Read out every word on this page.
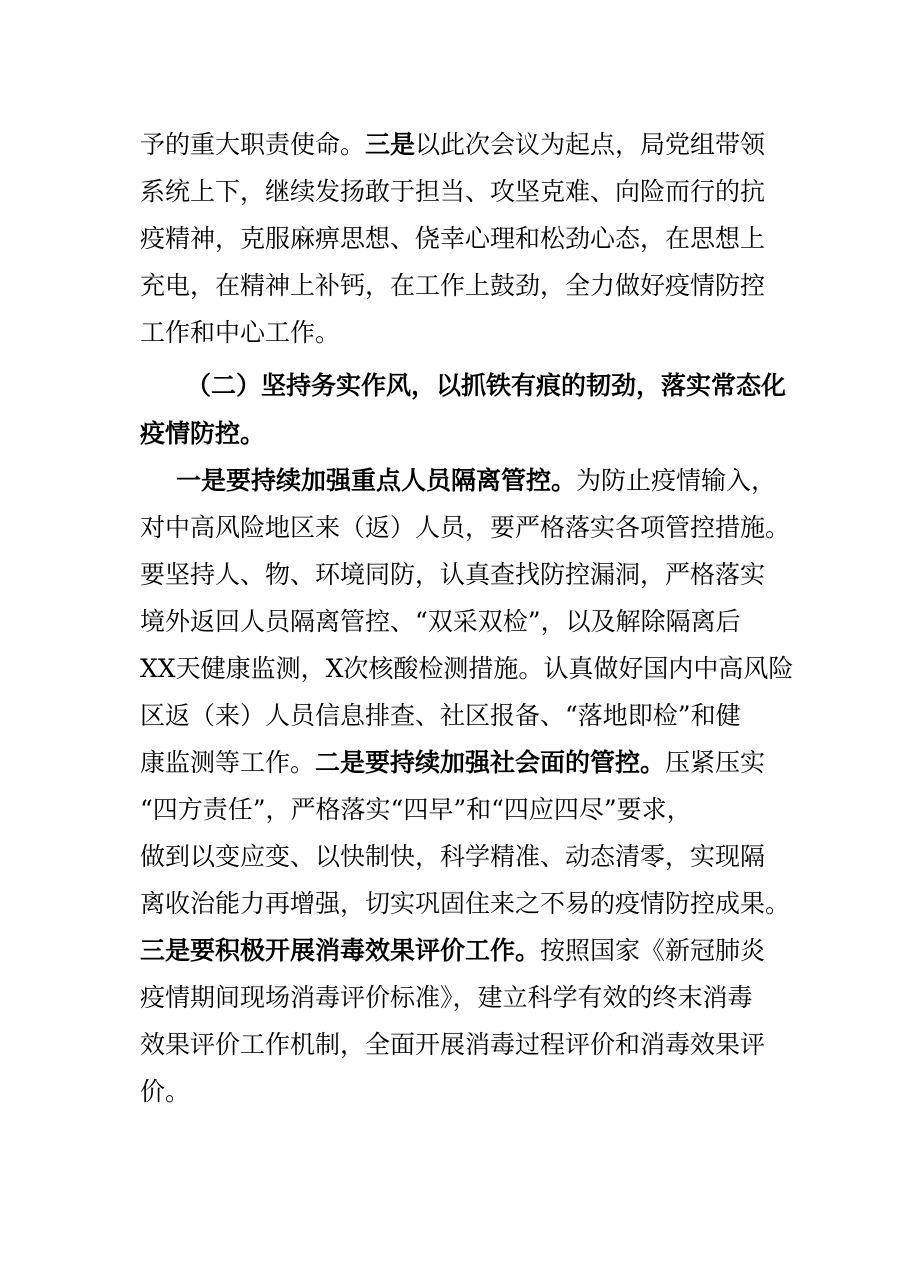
予的重大职责使命。三是以此次会议为起点，局党组带领
系统上下，继续发扬敢于担当、攻坚克难、向险而行的抗
疫精神，克服麻痹思想、侥幸心理和松劲心态，在思想上
充电，在精神上补钙，在工作上鼓劲，全力做好疫情防控
工作和中心工作。
（二）坚持务实作风，以抓铁有痕的韧劲，落实常态化
疫情防控。
一是要持续加强重点人员隔离管控。为防止疫情输入，
对中高风险地区来（返）人员，要严格落实各项管控措施。
要坚持人、物、环境同防，认真查找防控漏洞，严格落实
境外返回人员隔离管控、“双采双检”，以及解除隔离后
XX天健康监测，X次核酸检测措施。认真做好国内中高风险
区返（来）人员信息排查、社区报备、“落地即检”和健
康监测等工作。二是要持续加强社会面的管控。压紧压实
“四方责任”，严格落实“四早”和“四应四尽”要求，
做到以变应变、以快制快，科学精准、动态清零，实现隔
离收治能力再增强，切实巩固住来之不易的疫情防控成果。
三是要积极开展消毒效果评价工作。按照国家《新冠肺炎
疫情期间现场消毒评价标准》，建立科学有效的终末消毒
效果评价工作机制，全面开展消毒过程评价和消毒效果评
价。
